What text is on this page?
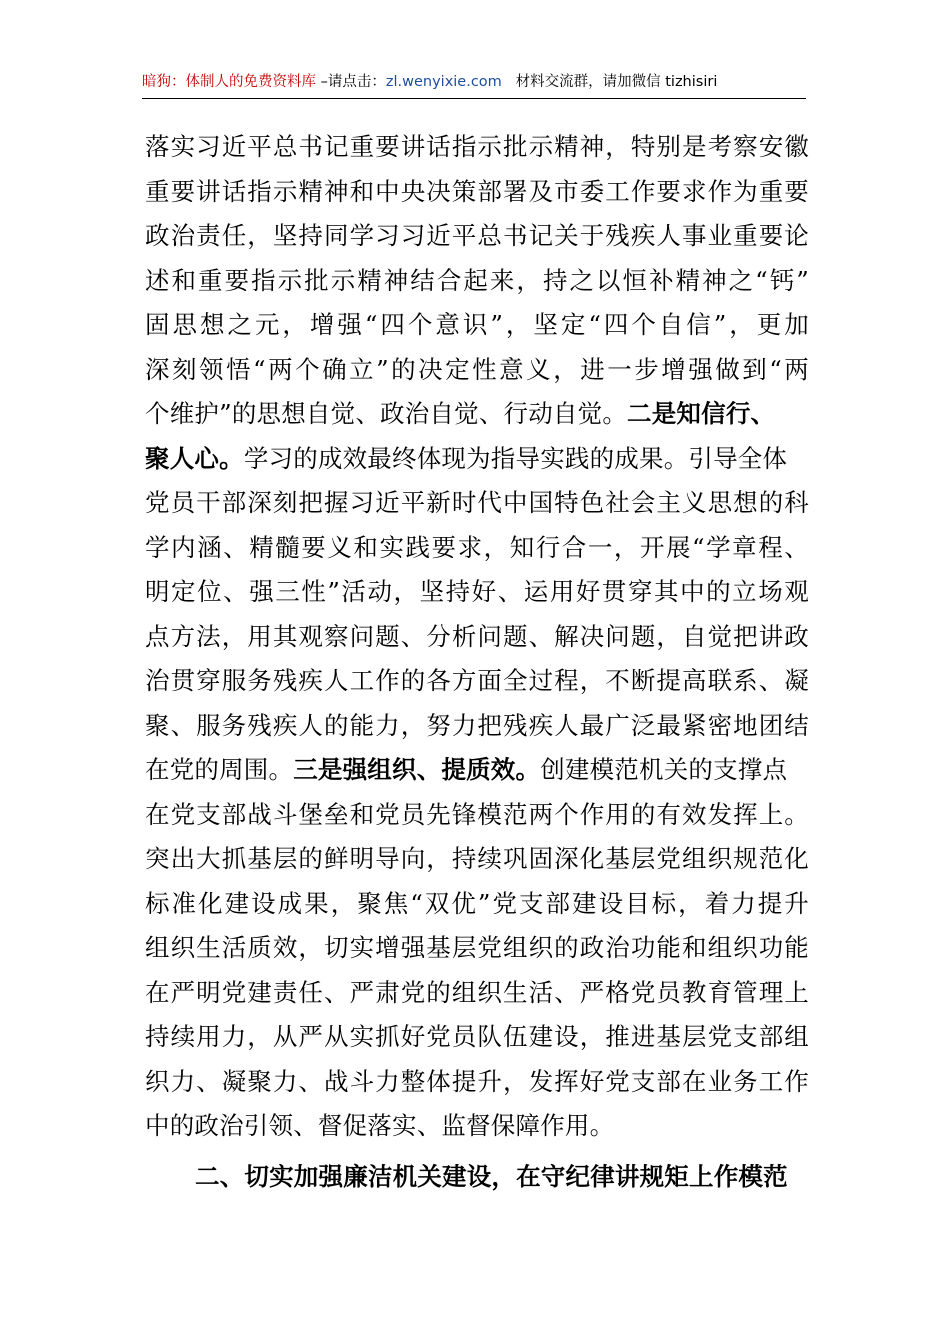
暗狗：体制人的免费资料库 –请点击：zl.wenyixie.com 材料交流群，请加微信 tizhisiri
落实习近平总书记重要讲话指示批示精神，特别是考察安徽
重要讲话指示精神和中央决策部署及市委工作要求作为重要
政治责任，坚持同学习习近平总书记关于残疾人事业重要论
述和重要指示批示精神结合起来，持之以恒补精神之“钙”
固思想之元，增强“四个意识”，坚定“四个自信”，更加
深刻领悟“两个确立”的决定性意义，进一步增强做到“两
个维护”的思想自觉、政治自觉、行动自觉。二是知信行、
聚人心。学习的成效最终体现为指导实践的成果。引导全体
党员干部深刻把握习近平新时代中国特色社会主义思想的科
学内涵、精髓要义和实践要求，知行合一，开展“学章程、
明定位、强三性”活动，坚持好、运用好贯穿其中的立场观
点方法，用其观察问题、分析问题、解决问题，自觉把讲政
治贯穿服务残疾人工作的各方面全过程，不断提高联系、凝
聚、服务残疾人的能力，努力把残疾人最广泛最紧密地团结
在党的周围。三是强组织、提质效。创建模范机关的支撑点
在党支部战斗堡垒和党员先锋模范两个作用的有效发挥上。
突出大抓基层的鲜明导向，持续巩固深化基层党组织规范化
标准化建设成果，聚焦“双优”党支部建设目标，着力提升
组织生活质效，切实增强基层党组织的政治功能和组织功能
在严明党建责任、严肃党的组织生活、严格党员教育管理上
持续用力，从严从实抓好党员队伍建设，推进基层党支部组
织力、凝聚力、战斗力整体提升，发挥好党支部在业务工作
中的政治引领、督促落实、监督保障作用。
二、切实加强廉洁机关建设，在守纪律讲规矩上作模范
